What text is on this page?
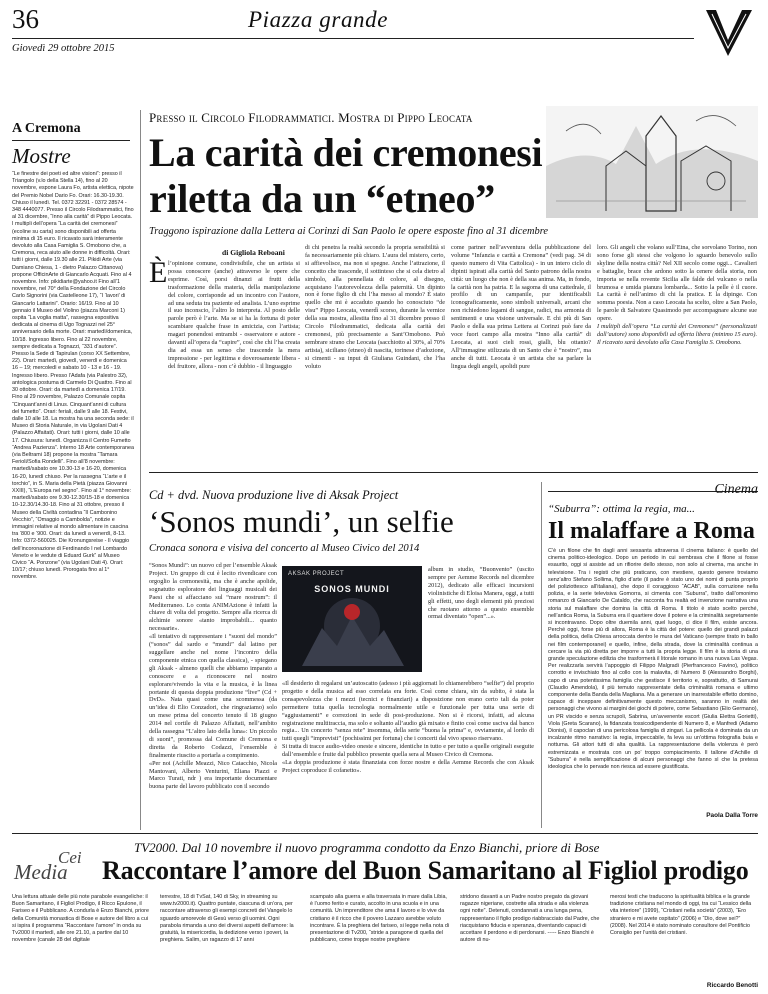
36	Piazza grande
Giovedì 29 ottobre 2015
A Cremona
Mostre
“Le finestre dei poeti ed altre visioni”: presso il Triangolo (v.lo della Stella 14), fino al 20 novembre, espone Laura Fo, artista elettica, nipote del Premio Nobel Dario Fo. Orari: 16.30-19.30. Chiuso il lunedì. Tel. 0372 32291 - 0372 28574 - 348 4440077. Presso il Circolo Filodrammatici, fino al 31 dicembre, “Inno alla carità” di Pippo Leocata. I multipli dell’opera “La carità dei cremonesi” (ecoline su carta) sono disponibili ad offerta minima di 15 euro. Il ricavato sarà interamente devoluto alla Casa Famiglia S. Omobono che, a Cremona, reca aiuto alle donne in difficoltà. Orari: tutti i giorni, dalle 19.30 alle 21. Pikidi Arte (via Damiano Chiesa, 1 - dietro Palazzo Cittanova) propone OfficinArte di Giancarlo Acquati. Fino al 4 novembre. Info: pikidiarte@yahoo.it Fino all’1 novembre, nel 70° della Fondazione del Circolo Carlo Signorini (via Castelleone 17), “I ‘lavori’ di Giancarlo Lattarini”. Orario: 16/19. Fino al 10 gennaio il Museo del Violino (piazza Marconi 1) ospita “La voglia matta”, rassegna espositiva dedicata al cinema di Ugo Tognazzi nel 25° anniversario della morte. Orari: martedì/domenica, 10/18. Ingresso libero. Fino al 22 novembre, sempre dedicata a Tognazzi, “331 d’autore”. Presso la Sede di Tapirulan (corso XX Settembre, 22). Orari: martedì, giovedì, venerdì e domenica 16 – 19; mercoledì e sabato 10 - 13 e 16 - 19. Ingresso libero. Presso l’Adafa (via Palestro 32), antologica postuma di Carmelo Di Quattro. Fino al 30 ottobre. Orari: da martedì a domenica 17/19. Fino al 29 novembre, Palazzo Comunale ospita “Cinquant’anni di Linus. Cinquant’anni di cultura del fumetto”. Orari: feriali, dalle 9 alle 18. Festivi, dalle 10 alle 18. La mostra ha una seconda sede: il Museo di Storia Naturale, in via Ugolani Dati 4 (Palazzo Affaitati). Orari: tutti i giorni, dalle 10 alle 17. Chiusura: lunedì. Organizza il Centro Fumetto “Andrea Pazienza”. Interno 18 Arte contemporanea (via Beltrami 18) propone la mostra “Tamara Ferioli/Sofia Rondelli”. Fino all’8 novembre: martedì/sabato ore 10.30-13 e 16-20, domenica 16-20, lunedì chiuso. Per la rassegna “L’arte e il torchio”, in S. Maria della Pietà (piazza Giovanni XXIII), “L’Europa nel segno”. Fino al 1° novembre: martedì/sabato ore 9.30-12.30/15-18 e domenica 10-12.30/14.30-18. Fino al 31 ottobre, presso il Museo della Civiltà contadina “Il Cambonino Vecchio”, “Omaggio a Cambolda”, notizie e immagini relative al mondo alimentare in cascina tra ‘800 e ‘900. Orari: da lunedì a venerdì, 8-13. Info: 0372-560025. Die Kronungsreise - Il viaggio dell’incoronazione di Ferdinando I nel Lombardo Veneto e le vedute di Eduard Gurk” al Museo Civico “A. Ponzone” (via Ugolani Dati 4). Orari: 10/17; chiuso lunedì. Prorogata fino al 1° novembre.
Presso il Circolo Filodrammatici. Mostra di Pippo Leocata
La carità dei cremonesi
riletta da un “etneo”
Traggono ispirazione dalla Lettera ai Corinzi di San Paolo le opere esposte fino al 31 dicembre
di Gigliola Reboani
È l’opinione comune, condivisibile, che un artista si possa conoscere (anche) attraverso le opere che esprime. Così, porsi dinanzi ai frutti della trasformazione della materia, della manipolazione del colore, corrisponde ad un incontro con l’autore, ad una seduta tra paziente ed analista. L’uno esprime il suo inconscio, l’altro lo interpreta. Al posto delle parole però è l’arte. Ma se si ha la fortuna di poter scambiare qualche frase in amicizia, con l’artista; magari ponendosi entrambi - osservatore e autore - davanti all’opera da “capire”, così che chi l’ha creata dia ad essa un senso che trascende la mera impressione - per legittima e doverosamente libera - del fruitore, allora - non c’è dubbio - il linguaggio
di chi penetra la realtà secondo la propria sensibilità si fa necessariamente più chiaro. L’aura del mistero, certo, si affievolisce, ma non si spegne. Anche l’attrazione, il concetto che trascende, il sottinteso che si cela dietro al simbolo, alla pennellata di colore, al disegno, acquistano l’autorevolezza della paternità. Un dipinto non è forse figlio di chi l’ha messo al mondo? È stato quello che mi è accaduto quando ho conosciuto “de visu” Pippo Leocata, venerdì scorso, durante la vernice della sua mostra, allestita fino al 31 dicembre presso il Circolo Filodrammatici, dedicata alla carità dei cremonesi, più precisamente a Sant’Omobono. Può sembrare strano che Leocata (sacchiotto al 30%, al 70% artista), siciliano (etneo) di nascita, torinese d’adozione, si cimenti - su input di Giuliana Guindani, che l’ha voluto
come partner nell’avventura della pubblicazione del volume “Infanzia e carità a Cremona” (vedi pag. 34 di questo numero di Vita Cattolica) - in un intero ciclo di dipinti ispirati alla carità del Santo patrono della nostra città: un luogo che non è della sua anima. Ma, in fondo, la carità non ha patria. E la sagoma di una cattedrale, il profilo di un campanile, pur identificabili iconograficamente, sono simboli universali, arcani che non richiedono legami di sangue, radici, ma armonia di sentimenti e una visione universale. E chi più di San Paolo e della sua prima Lettera ai Corinzi può fare da voce fuori campo alla mostra “Inno alla carità” di Leocata, ai suoi cieli rossi, gialli, blu ottanio? All’immagine stilizzata di un Santo che è “nostro”, ma anche di tutti. Leocata è un artista che sa parlare la lingua degli angeli, apolidi pure

loro. Gli angeli che volano sull’Etna, che sorvolano Torino, non sono forse gli stessi che volgono lo sguardo benevolo sullo skyline della nostra città? Nel XII secolo come oggi... Cavalieri e battaglie, brace che ardono sotto la cenere della storia, non importa se nella rovente Sicilia alle falde del vulcano o nella brumosa e umida pianura lombarda... Sotto la pelle è il cuore. La carità è nell’animo di chi la pratica. E la dipinge. Con somma poesia. Non a caso Leocata ha scelto, oltre a San Paolo, le parole di Salvatore Quasimodo per accompagnare alcune sue opere.

I multipli dell’opera “La carità dei Cremonesi” (personalizzati dall’autore) sono disponibili ad offerta libera (minimo 15 euro). Il ricavato sarà devoluto alla Casa Famiglia S. Omobono.

Cd + dvd. Nuova produzione live di Aksak Project
‘Sonos mundi’, un selfie
Cronaca sonora e visiva del concerto al Museo Civico del 2014

“Sonos Mundi”: un nuovo cd per l’ensemble Aksak Project. Un gruppo di cui è lecito rivendicare con orgoglio la cremonesità, ma che è anche apolide, sognatutto esploratore dei linguaggi musicali dei Paesi che si affacciano sul “mare nostrum”: il Mediterraneo. Lo conta ANIMAzione è infatti la chiave di volta del progetto. Sempre alla ricerca di alchimie sonore «tanto improbabili... quanto necessarie».

«Il tentativo di rappresentare i “suoni del mondo” (“sonos” dal sardo e “mundi” dal latino per suggellare anche nel nome l’incontro della componente etnica con quella classica), - spiegano gli Aksak - almeno quelli che abbiamo imparato a conoscere e a riconoscere nel nostro esplorare/vivendo la vita e la musica, è la linea portante di questa doppia produzione “live” (Cd + DvD». Nata quasi come una scommessa (da un’idea di Elio Conzadori, che ringraziamo) solo un mese prima del concerto tenuto il 18 giugno 2014 nel cortile di Palazzo Affaitati, nell’ambito della rassegna “L’altro lato della luna»: Un piccolo di suoni”, promossa dal Comune di Cremona e diretta da Roberto Codazzi, l’ensemble è finalmente riuscito a portarla a compimento.

«Per noi (Achille Meazzi, Nico Catacchio, Nicola Mantovani, Alberto Venturini, Eliana Piazzi e Marco Turati, ndr ) era importante documentare buona parte del lavoro pubblicato con il secondo

AKSAK PROJECT
SONOS MUNDI
album in studio, “Buonvento” (uscito sempre per Aemme Records nel dicembre 2012), dedicato alle efficaci incursioni violinistiche di Eloisa Manera, oggi, a tutti gli effetti, uno degli elementi più preziosi che ruotano attorno a questo ensemble ormai diventato “open”...».

«Il desiderio di regalarsi un’autoscatto (adesso i più aggiornati lo chiamerebbero “selfie”) del proprio progetto e della musica ad esso correlata era forte. Così come chiara, sin da subito, è stata la consapevolezza che i mezzi (tecnici e finanziari) a disposizione non erano certo tali da poter permettere tutta quella tecnologia normalmente utile e funzionale per tutta una serie di “aggiustamenti” e correzioni in sede di post-produzione. Non si è ricorsi, infatti, ad alcuna registrazione multitraccia, ma solo e soltanto all’audio già mixato e finito così come usciva dal banco regia... Un concerto “senza rete” insomma, della serie “buona la prima” e, ovviamente, al lordo di tutti quegli “imprevisti” (pochissimi per fortuna) che i concerti dal vivo spesso riservano.

Si tratta di tracce audio-video oneste e sincere, identiche in tutto e per tutto a quelle originali eseguite dall’ensemble e fruite dal pubblico presente quella sera al Museo Civico di Cremona.

«La doppia produzione è stata finanziata con forze nostre e della Aemme Records che con Aksak Project coproduce il cofanetto».

Cinema
“Suburra”: ottima la regia, ma...
Il malaffare a Roma
C’è un filone che fin dagli anni sessanta attraversa il cinema italiano: è quello del cinema politico-ideologico. Dopo un periodo in cui sembrava che il filone si fosse esaurito, oggi si assiste ad un rifiorire dello stesso, non solo al cinema, ma anche in televisione. Tra i registi che più praticano, con mestiere, questo genere troviamo senz’altro Stefano Sollima, figlio d’arte (il padre è stato uno dei nomi di punta proprio del poliziottesco all’italiana), che dopo il coraggioso “ACAB”, sulla corruzione nella polizia, e la serie televisiva Gomorra, si cimenta con “Suburra”, tratto dall’omonimo romanzo di Giancarlo De Cataldo, che racconta fra realtà ed invenzione narrativa una storia sul malaffare che domina la città di Roma. Il titolo è stato scelto perché, nell’antica Roma, la Suburra era il quartiere dove il potere e la criminalità segretamente si incontravano. Dopo oltre duemila anni, quel luogo, ci dice il film, esiste ancora. Perché oggi, forse più di allora, Roma è la città del potere: quello dei grandi palazzi della politica, della Chiesa arroccata dentro le mura del Vaticano (sempre tirato in ballo nei film contemporanei) e quello, infine, della strada, dove la criminalità continua a cercare la via più diretta per imporre a tutti la propria legge. Il film è la storia di una grande speculazione edilizia che trasformerà il litorale romano in una nuova Las Vegas. Per realizzarla servirà l’appoggio di Filippo Malgradi (Pierfrancesco Favino), politico corrotto e invischiato fino al collo con la malavita, di Numero 8 (Alessandro Borghi), capo di una potentissima famiglia che gestisce il territorio e, soprattutto, di Samurai (Claudio Amendola), il più temuto rappresentate della criminalità romana e ultimo componente della Banda della Magliana. Ma a generare un inarrestabile effetto domino, capace di incepparе definitivamente questo meccanismo, saranno in realtà dei personaggi che vivono ai margini dei giochi di potere, come Sebastiano (Elio Germano), un PR viscido e senza scrupoli, Sabrina, un’avvenente escort (Giulia Elettra Gorietti), Viola (Greta Scarano), la fidanzata tossicodipendente di Numero 8, e Manfredi (Adamo Dionisi), il capoclan di una pericolosa famiglia di zingari. La pellicola è dominata da un incalzante ritmo narrativo: la regia, impeccabile, fa leva su un’ottima fotografia buia e notturna. Gli attori tutti di alta qualità. La rappresentazione della violenza è però estremizzata e mostrata con un po’ troppo compiacimento. Il tallone d’Achille di “Suburra” è nella semplificazione di alcuni personaggi che fanno sì che la pretesa ideologica che lo pervade non riesca ad essere giustificata.
Paola Dalla Torre
Media
Cei
TV2000. Dal 10 novembre il nuovo programma condotto da Enzo Bianchi, priore di Bose
Raccontare l’amore del Buon Samaritano al Figliol prodigo
Una lettura attuale delle più note parabole evangeliche: il Buon Samaritano, il Figliol Prodigo, il Ricco Epulone, il Fariseo e il Pubblicano. A condurla è Enzo Bianchi, priore della Comunità monastica di Bose e autore del libro a cui si ispira il programma “Raccontare l’amore” in onda su Tv2000 il martedì, alle ore 21.10, a partire dal 10 novembre (canale 28 del digitale
terrestre, 18 di TvSat, 140 di Sky, in streaming su www.tv2000.it). Quattro puntate, ciascuna di un’ora, per raccontare attraverso gli esempi concreti del Vangelo lo sguardo amorevole di Gesù verso gli uomini. Ogni parabola rimanda a uno dei diversi aspetti dell’amore: la gratuità, la misericordia, la dedizione verso i poveri, la preghiera. Salim, un ragazzo di 17 anni
scampato alla guerra e alla traversata in mare dalla Libia, è l’uomo ferito e curato, accolto in una scuola e in una comunità. Un imprenditore che ama il lavoro e lo vive da cristiano è il ricco che il povero Lazzaro avrebbe voluto incontrare. È la preghiera del fariseo, si legge nella nota di presentazione di Tv200, “stride a paragone di quella del pubblicano, come troppe nostre preghiere
stridono davanti a un Padre nostro pregato da giovani ragazze nigeriane, costrette alla strada e alla violenza ogni notte”. Detenuti, condannati a una lunga pena, rappresentano il figlio prodigo riabbracciato dal Padre, che riacquistano fiducia e speranza, diventando capaci di accettare il perdono e di perdonarsi. ----- Enzo Bianchi è autore di nu-
merosi testi che traducono la spiritualità biblica e la grande tradizione cristiana nel mondo di oggi, tra cui “Lessico della vita interiore” (1999), “Cristiani nella società” (2003), “Ero straniero e mi avete ospitato” (2006) e “Dio, dove sei?” (2008). Nel 2014 è stato nominato consultore del Pontificio Consiglio per l’unità dei cristiani.
Riccardo Benotti
